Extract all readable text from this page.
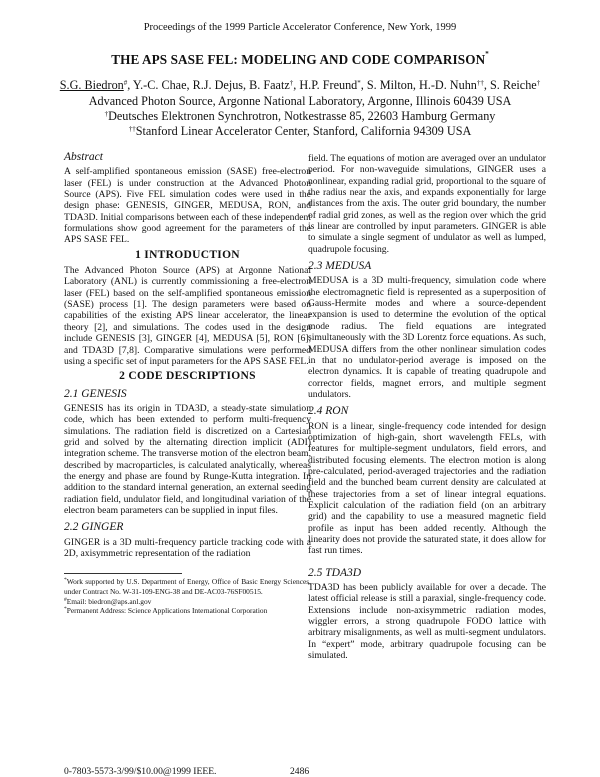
Proceedings of the 1999 Particle Accelerator Conference, New York, 1999
THE APS SASE FEL: MODELING AND CODE COMPARISON*
S.G. Biedron#, Y.-C. Chae, R.J. Dejus, B. Faatz†, H.P. Freund*, S. Milton, H.-D. Nuhn††, S. Reiche†
Advanced Photon Source, Argonne National Laboratory, Argonne, Illinois 60439 USA
†Deutsches Elektronen Synchrotron, Notkestrasse 85, 22603 Hamburg Germany
††Stanford Linear Accelerator Center, Stanford, California 94309 USA
Abstract

A self-amplified spontaneous emission (SASE) free-electron laser (FEL) is under construction at the Advanced Photon Source (APS). Five FEL simulation codes were used in the design phase: GENESIS, GINGER, MEDUSA, RON, and TDA3D. Initial comparisons between each of these independent formulations show good agreement for the parameters of the APS SASE FEL.

1 INTRODUCTION

The Advanced Photon Source (APS) at Argonne National Laboratory (ANL) is currently commissioning a free-electron laser (FEL) based on the self-amplified spontaneous emission (SASE) process [1]. The design parameters were based on capabilities of the existing APS linear accelerator, the linear theory [2], and simulations. The codes used in the design include GENESIS [3], GINGER [4], MEDUSA [5], RON [6], and TDA3D [7,8]. Comparative simulations were performed using a specific set of input parameters for the APS SASE FEL.

2 CODE DESCRIPTIONS
2.1 GENESIS

GENESIS has its origin in TDA3D, a steady-state simulation code, which has been extended to perform multi-frequency simulations. The radiation field is discretized on a Cartesian grid and solved by the alternating direction implicit (ADI) integration scheme. The transverse motion of the electron beam, described by macroparticles, is calculated analytically, whereas the energy and phase are found by Runge-Kutta integration. In addition to the standard internal generation, an external seeding radiation field, undulator field, and longitudinal variation of the electron beam parameters can be supplied in input files.

2.2 GINGER

GINGER is a 3D multi-frequency particle tracking code with a 2D, axisymmetric representation of the radiation

*Work supported by U.S. Department of Energy, Office of Basic Energy Sciences, under Contract No. W-31-109-ENG-38 and DE-AC03-76SF00515.

#Email: biedron@aps.anl.gov

*Permanent Address: Science Applications International Corporation

field. The equations of motion are averaged over an undulator period. For non-waveguide simulations, GINGER uses a nonlinear, expanding radial grid, proportional to the square of the radius near the axis, and expands exponentially for large distances from the axis. The outer grid boundary, the number of radial grid zones, as well as the region over which the grid is linear are controlled by input parameters. GINGER is able to simulate a single segment of undulator as well as lumped, quadrupole focusing.

2.3 MEDUSA

MEDUSA is a 3D multi-frequency, simulation code where the electromagnetic field is represented as a superposition of Gauss-Hermite modes and where a source-dependent expansion is used to determine the evolution of the optical mode radius. The field equations are integrated simultaneously with the 3D Lorentz force equations. As such, MEDUSA differs from the other nonlinear simulation codes in that no undulator-period average is imposed on the electron dynamics. It is capable of treating quadrupole and corrector fields, magnet errors, and multiple segment undulators.

2.4 RON

RON is a linear, single-frequency code intended for design optimization of high-gain, short wavelength FELs, with features for multiple-segment undulators, field errors, and distributed focusing elements. The electron motion is along pre-calculated, period-averaged trajectories and the radiation field and the bunched beam current density are calculated at these trajectories from a set of linear integral equations. Explicit calculation of the radiation field (on an arbitrary grid) and the capability to use a measured magnetic field profile as input has been added recently. Although the linearity does not provide the saturated state, it does allow for fast run times.

2.5 TDA3D

TDA3D has been publicly available for over a decade. The latest official release is still a paraxial, single-frequency code. Extensions include non-axisymmetric radiation modes, wiggler errors, a strong quadrupole FODO lattice with arbitrary misalignments, as well as multi-segment undulators. In “expert” mode, arbitrary quadrupole focusing can be simulated.

0-7803-5573-3/99/$10.00@1999 IEEE.	2486
